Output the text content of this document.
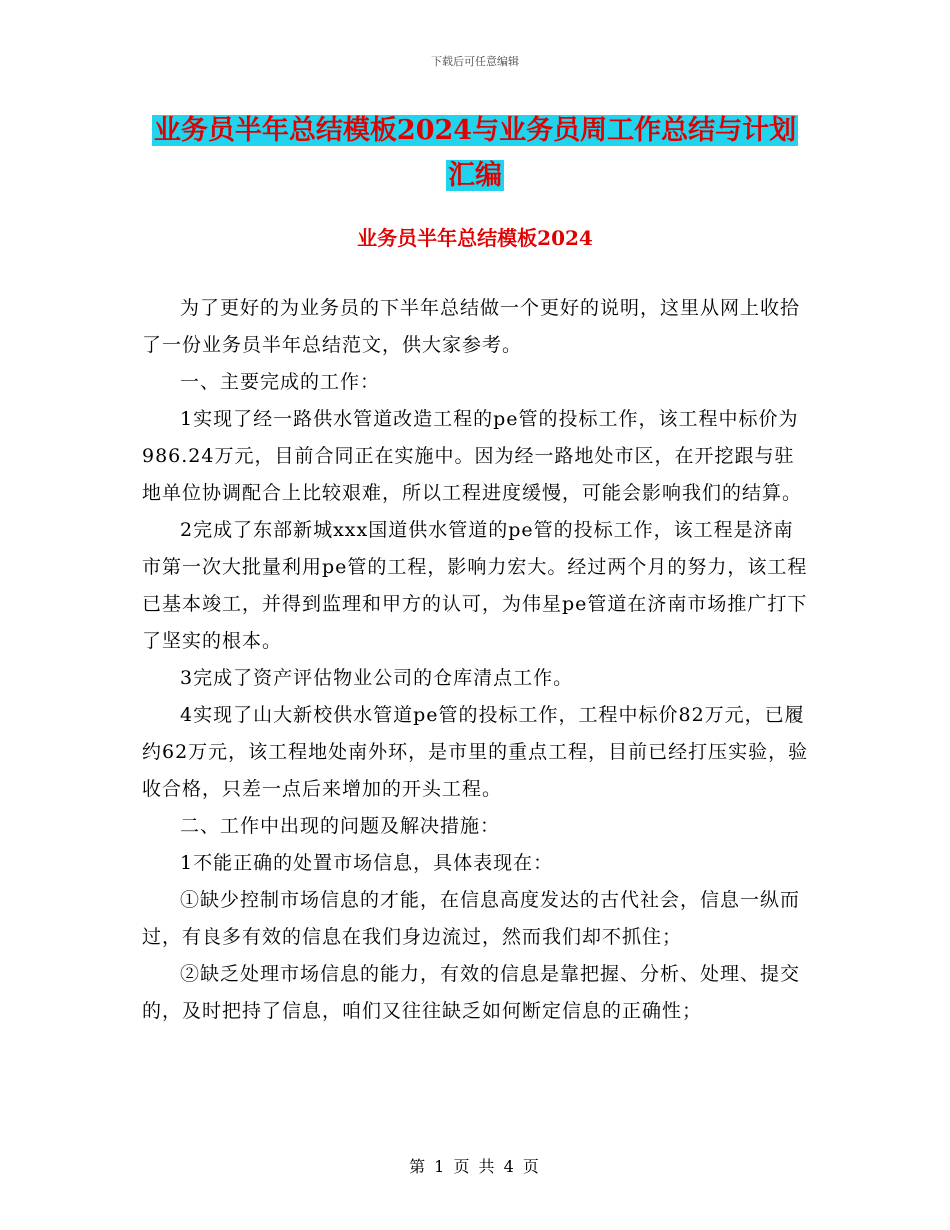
下载后可任意编辑
业务员半年总结模板2024与业务员周工作总结与计划
汇编
业务员半年总结模板2024

为了更好的为业务员的下半年总结做一个更好的说明，这里从网上收拾了一份业务员半年总结范文，供大家参考。

一、主要完成的工作：

1实现了经一路供水管道改造工程的pe管的投标工作，该工程中标价为986.24万元，目前合同正在实施中。因为经一路地处市区，在开挖跟与驻地单位协调配合上比较艰难，所以工程进度缓慢，可能会影响我们的结算。

2完成了东部新城xxx国道供水管道的pe管的投标工作，该工程是济南市第一次大批量利用pe管的工程，影响力宏大。经过两个月的努力，该工程已基本竣工，并得到监理和甲方的认可，为伟星pe管道在济南市场推广打下了坚实的根本。

3完成了资产评估物业公司的仓库清点工作。

4实现了山大新校供水管道pe管的投标工作，工程中标价82万元，已履约62万元，该工程地处南外环，是市里的重点工程，目前已经打压实验，验收合格，只差一点后来增加的开头工程。

二、工作中出现的问题及解决措施：

1不能正确的处置市场信息，具体表现在：

①缺少控制市场信息的才能，在信息高度发达的古代社会，信息一纵而过，有良多有效的信息在我们身边流过，然而我们却不抓住；

②缺乏处理市场信息的能力，有效的信息是靠把握、分析、处理、提交的，及时把持了信息，咱们又往往缺乏如何断定信息的正确性；

第 1 页 共 4 页
